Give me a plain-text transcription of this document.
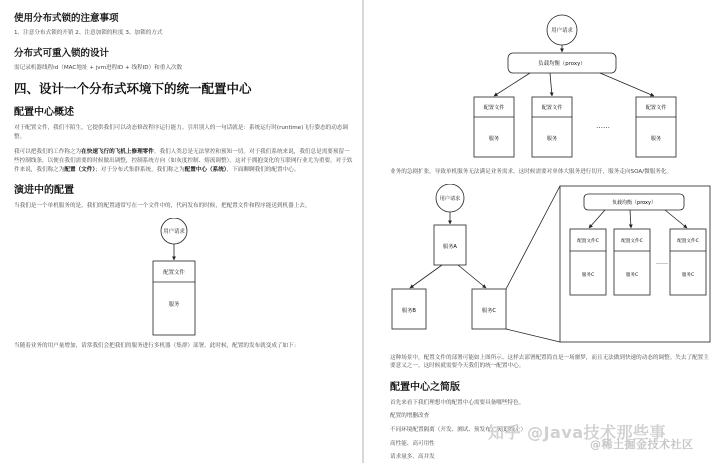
使用分布式锁的注意事项
1、注意分布式锁的开销 2、注意加锁的粒度 3、加锁的方式
分布式可重入锁的设计
需记录机器线程id（MAC地址 + jvm进程ID + 线程ID）和重入次数
四、设计一个分布式环境下的统一配置中心
配置中心概述
对于配置文件，我们不陌生，它提供我们可以动态修改程序运行能力。引用别人的一句话就是：系统运行时(runtime)飞行姿态的动态调整。
我可以把我们的工作称之为在快速飞行的飞机上修理零件。我们人类总是无法掌控和预知一切。对于我们系统来说，我们总是需要预留一些控制线条，以便在我们需要的时候做出调整，控制系统方向（如灰度控制、熔流调整）。这对于拥抱变化的互联网行业尤为重要。对于软件来说，我们称之为配置（文件）；对于分布式集群系统，我们称之为配置中心（系统），下面聊聊我们的配置中心。
演进中的配置
当我们是一个单机服务的是，我们的配置通常写在一个文件中的，代码发布的时候，把配置文件和程序能送到机器上去。
用户请求
配置文件
服务
当随着业务的用户量增加，请常我们会把我们的服务进行多机器（集群）部署。此时候，配置的发布就变成了如下：
用户请求
负载均衡（proxy）
配置文件
服务
配置文件
服务
……
配置文件
服务
业务的急剧扩张，导致单机服务无法满足业务需求。这时候需要对单体大服务进行切开，服务走向SOA/微服务化。
用户请求
服务A
服务B	服务C
负载均衡（proxy）
配置文件C
服务C
配置文件C
服务C
……
配置文件C
服务C
这种场景中，配置文件的部署可能如上图所示。这样去部署配置简直是一场噩梦，而且无法做到快速的动态的调整。失去了配置主要意义之一。这时候就需要今天我们的统一配置中心。
配置中心之简版
首先来看下我们理想中的配置中心需要具备哪些特色。
配置的增删改查
不同环境配置隔离（开发、测试、预发布、灰度/线上）
高性能、高可用性
请求量多、高并发
知乎 @Java技术那些事
@稀土掘金技术社区
